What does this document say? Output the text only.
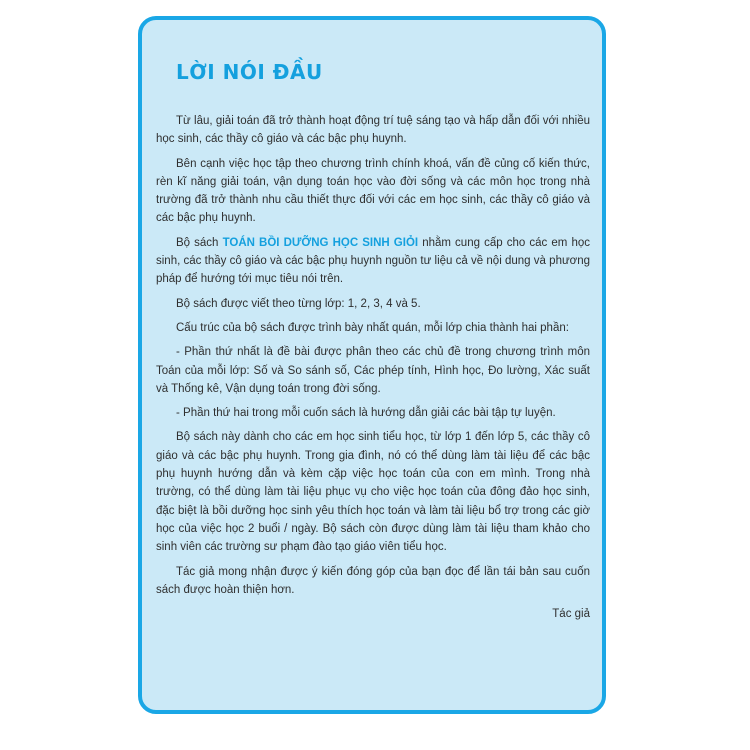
LỜI NÓI ĐẦU

Từ lâu, giải toán đã trở thành hoạt động trí tuệ sáng tạo và hấp dẫn đối với nhiều học sinh, các thầy cô giáo và các bậc phụ huynh.

Bên cạnh việc học tập theo chương trình chính khoá, vấn đề củng cố kiến thức, rèn kĩ năng giải toán, vận dụng toán học vào đời sống và các môn học trong nhà trường đã trở thành nhu cầu thiết thực đối với các em học sinh, các thầy cô giáo và các bậc phụ huynh.

Bộ sách TOÁN BỒI DƯỠNG HỌC SINH GIỎI nhằm cung cấp cho các em học sinh, các thầy cô giáo và các bậc phụ huynh nguồn tư liệu cả về nội dung và phương pháp để hướng tới mục tiêu nói trên.

Bộ sách được viết theo từng lớp: 1, 2, 3, 4 và 5.

Cấu trúc của bộ sách được trình bày nhất quán, mỗi lớp chia thành hai phần:

- Phần thứ nhất là đề bài được phân theo các chủ đề trong chương trình môn Toán của mỗi lớp: Số và So sánh số, Các phép tính, Hình học, Đo lường, Xác suất và Thống kê, Vận dụng toán trong đời sống.

- Phần thứ hai trong mỗi cuốn sách là hướng dẫn giải các bài tập tự luyện.

Bộ sách này dành cho các em học sinh tiểu học, từ lớp 1 đến lớp 5, các thầy cô giáo và các bậc phụ huynh. Trong gia đình, nó có thể dùng làm tài liệu để các bậc phụ huynh hướng dẫn và kèm cặp việc học toán của con em mình. Trong nhà trường, có thể dùng làm tài liệu phục vụ cho việc học toán của đông đảo học sinh, đặc biệt là bồi dưỡng học sinh yêu thích học toán và làm tài liệu bổ trợ trong các giờ học của việc học 2 buổi / ngày. Bộ sách còn được dùng làm tài liệu tham khảo cho sinh viên các trường sư phạm đào tạo giáo viên tiểu học.

Tác giả mong nhận được ý kiến đóng góp của bạn đọc để lần tái bản sau cuốn sách được hoàn thiện hơn.

Tác giả
